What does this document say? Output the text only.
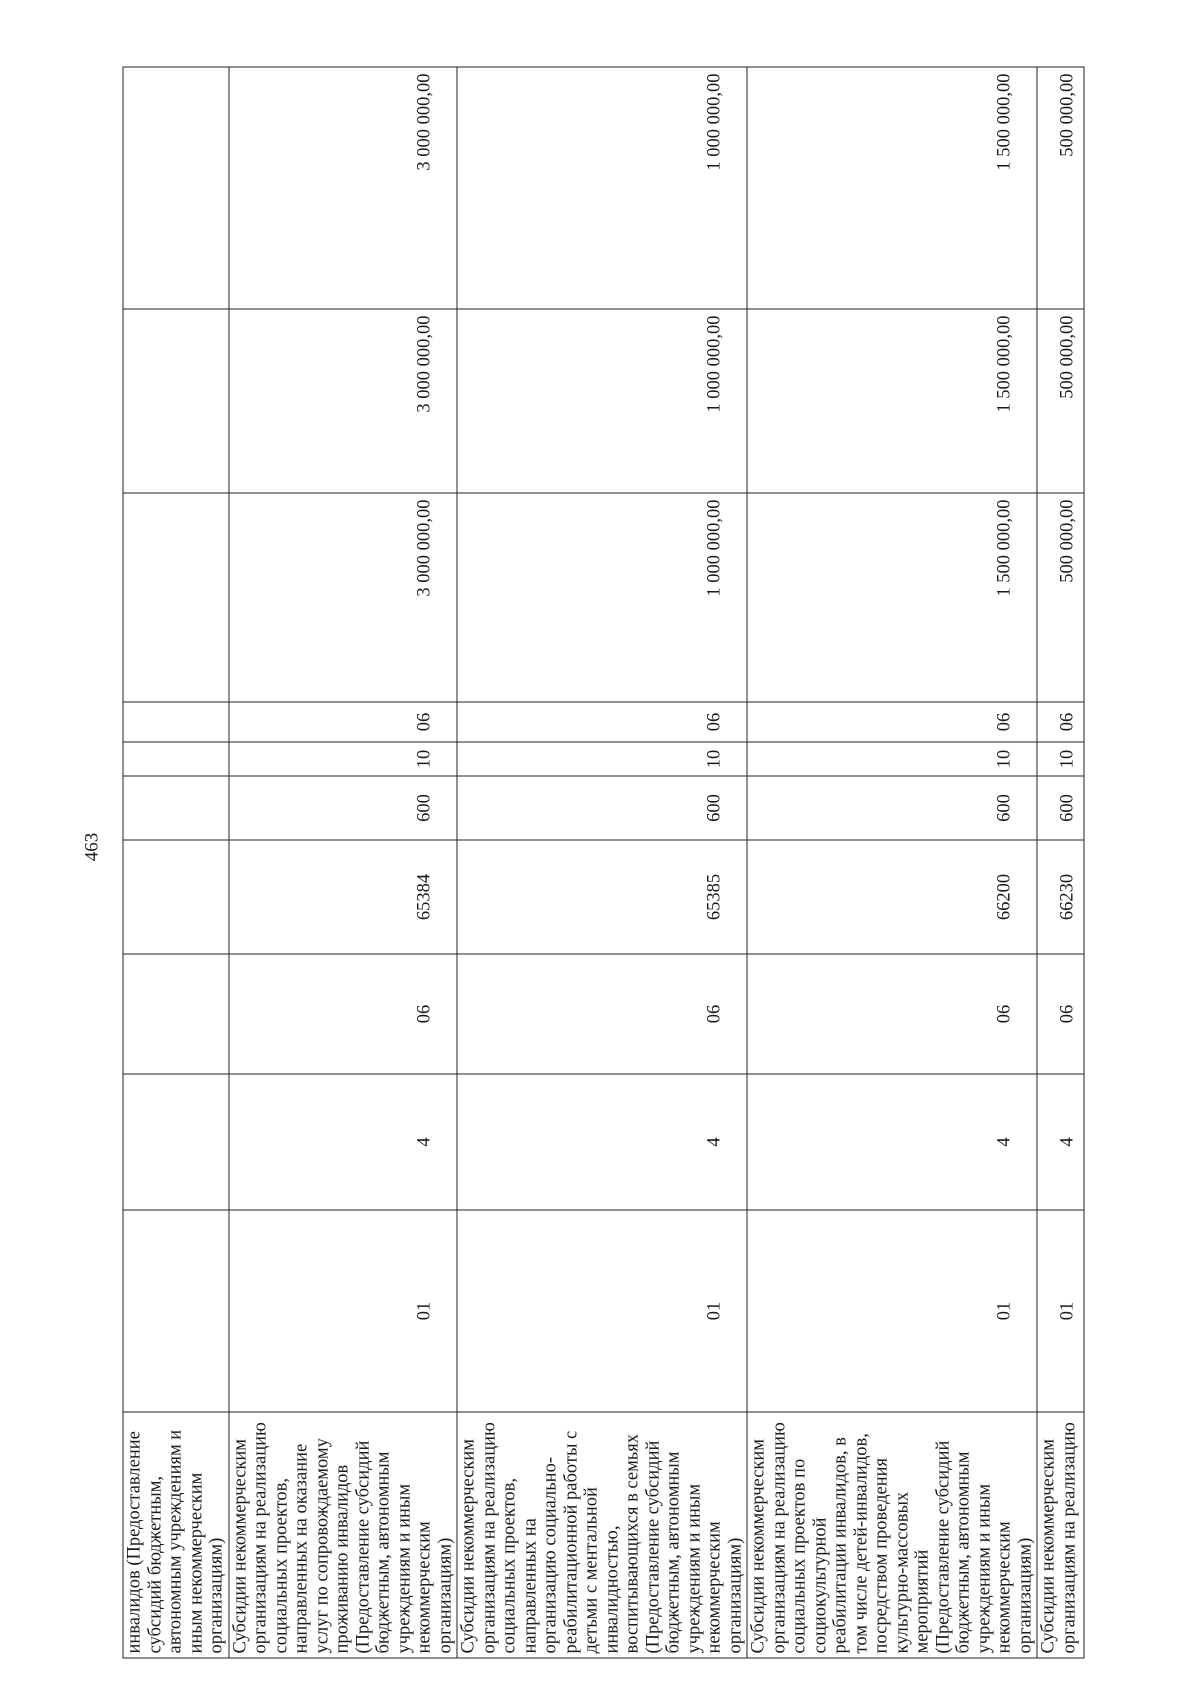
463
инвалидов (Предоставление субсидий бюджетным, автономным учреждениям и иным некоммерческим организациям)										
Субсидии некоммерческим организациям на реализацию социальных проектов, направленных на оказание услуг по сопровождаемому проживанию инвалидов (Предоставление субсидий бюджетным, автономным учреждениям и иным некоммерческим организациям)	01	4	06	65384	600	10	06	3 000 000,00	3 000 000,00	3 000 000,00
Субсидии некоммерческим организациям на реализацию социальных проектов, направленных на организацию социально-реабилитационной работы с детьми с ментальной инвалидностью, воспитывающихся в семьях (Предоставление субсидий бюджетным, автономным учреждениям и иным некоммерческим организациям)	01	4	06	65385	600	10	06	1 000 000,00	1 000 000,00	1 000 000,00
Субсидии некоммерческим организациям на реализацию социальных проектов по социокультурной реабилитации инвалидов, в том числе детей-инвалидов, посредством проведения культурно-массовых мероприятий (Предоставление субсидий бюджетным, автономным учреждениям и иным некоммерческим организациям)	01	4	06	66200	600	10	06	1 500 000,00	1 500 000,00	1 500 000,00
Субсидии некоммерческим организациям на реализацию	01	4	06	66230	600	10	06	500 000,00	500 000,00	500 000,00
